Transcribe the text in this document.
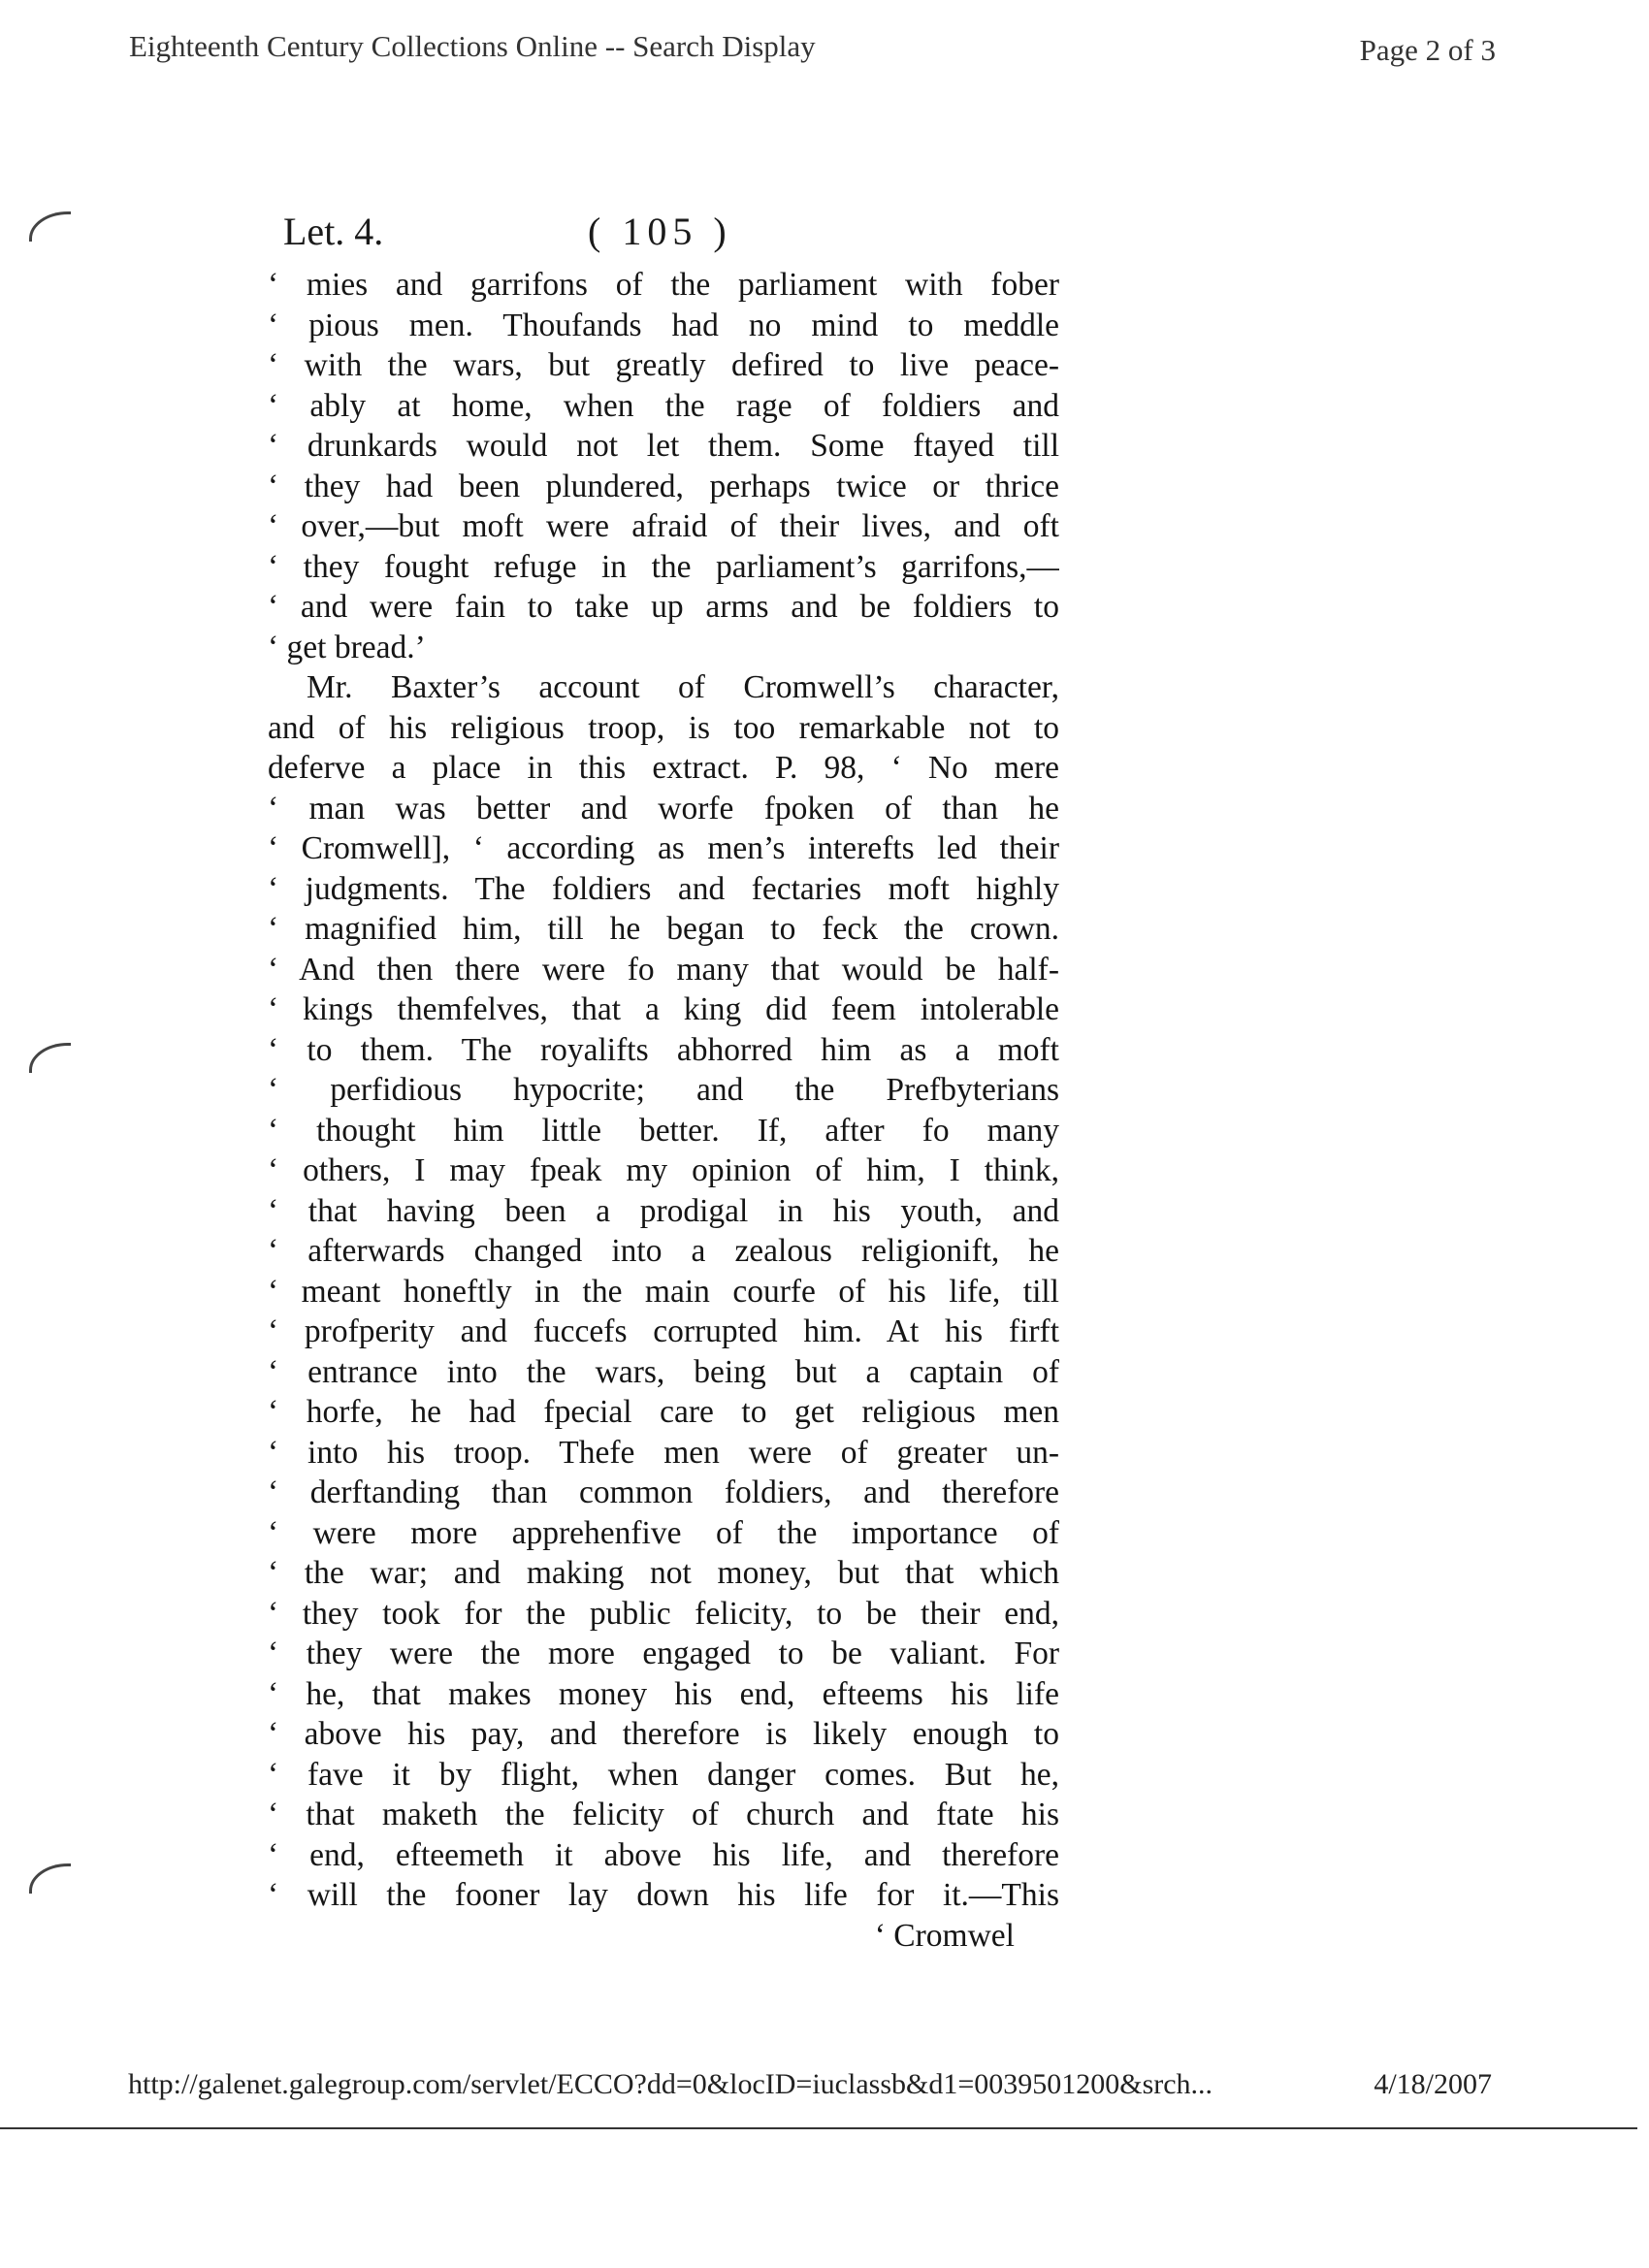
Eighteenth Century Collections Online -- Search Display	Page 2 of 3
Let. 4.	( 105 )
‘ mies and garrifons of the parliament with fober
‘ pious men. Thoufands had no mind to meddle
‘ with the wars, but greatly defired to live peace-
‘ ably at home, when the rage of foldiers and
‘ drunkards would not let them. Some ftayed till
‘ they had been plundered, perhaps twice or thrice
‘ over,—but moft were afraid of their lives, and oft
‘ they fought refuge in the parliament’s garrifons,—
‘ and were fain to take up arms and be foldiers to
‘ get bread.’
Mr. Baxter’s account of Cromwell’s character,
and of his religious troop, is too remarkable not to
deferve a place in this extract. P. 98, ‘ No mere
‘ man was better and worfe fpoken of than he
‘ Cromwell], ‘ according as men’s interefts led their
‘ judgments. The foldiers and fectaries moft highly
‘ magnified him, till he began to feck the crown.
‘ And then there were fo many that would be half-
‘ kings themfelves, that a king did feem intolerable
‘ to them. The royalifts abhorred him as a moft
‘ perfidious hypocrite; and the Prefbyterians
‘ thought him little better. If, after fo many
‘ others, I may fpeak my opinion of him, I think,
‘ that having been a prodigal in his youth, and
‘ afterwards changed into a zealous religionift, he
‘ meant honeftly in the main courfe of his life, till
‘ profperity and fuccefs corrupted him. At his firft
‘ entrance into the wars, being but a captain of
‘ horfe, he had fpecial care to get religious men
‘ into his troop. Thefe men were of greater un-
‘ derftanding than common foldiers, and therefore
‘ were more apprehenfive of the importance of
‘ the war; and making not money, but that which
‘ they took for the public felicity, to be their end,
‘ they were the more engaged to be valiant. For
‘ he, that makes money his end, efteems his life
‘ above his pay, and therefore is likely enough to
‘ fave it by flight, when danger comes. But he,
‘ that maketh the felicity of church and ftate his
‘ end, efteemeth it above his life, and therefore
‘ will the fooner lay down his life for it.—This
‘ Cromwel
http://galenet.galegroup.com/servlet/ECCO?dd=0&locID=iuclassb&d1=0039501200&srch...	4/18/2007
